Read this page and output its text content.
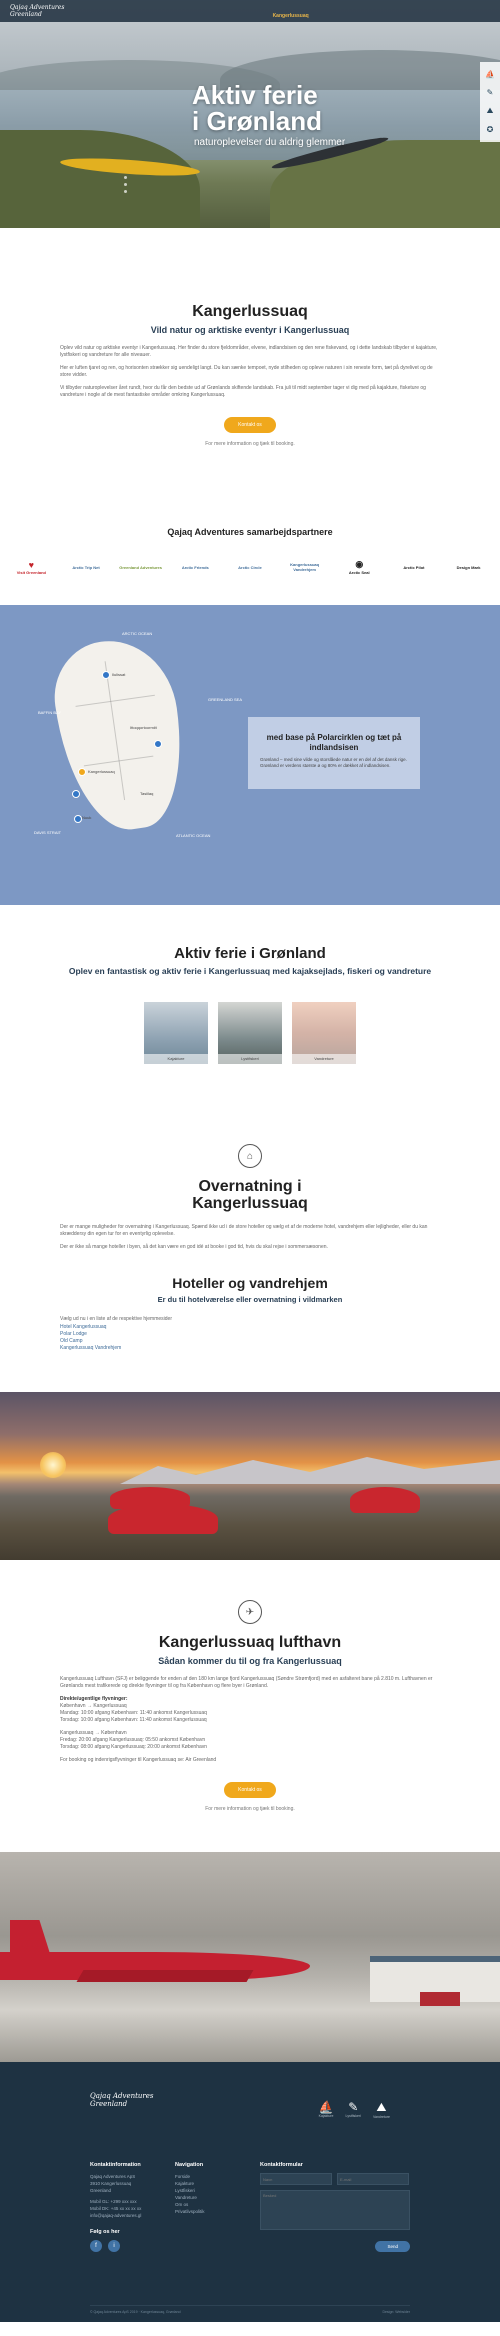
Qajaq Adventures
Greenland	Kangerlussuaq
Aktiv ferie
i Grønland
naturoplevelser du aldrig glemmer
⛵
✎
⛰
✪
Kangerlussuaq
Vild natur og arktiske eventyr i Kangerlussuaq

Oplev vild natur og arktiske eventyr i Kangerlussuaq. Her finder du store fjeldområder, elvene, indlandsisen og den rene fiskevand, og i dette landskab tilbyder vi kajakture, lystfiskeri og vandreture for alle niveauer.

Her er luften tjaret og ren, og horisonten strækker sig uendeligt langt. Du kan sænke tempoet, nyde stilheden og opleve naturen i sin reneste form, tæt på dyrelivet og de store vidder.

Vi tilbyder naturoplevelser året rundt, hvor du får den bedste ud af Grønlands skiftende landskab. Fra juli til midt september tager vi dig med på kajakture, fisketure og vandreture i nogle af de mest fantastiske områder omkring Kangerlussuaq.

Kontakt os
For mere information og tjæk til booking.
Qajaq Adventures samarbejdspartnere
♥
Visit Greenland
Arctic Trip Net	Greenland Adventures	Arctic Friends	Arctic Circle	Kangerlussuaq Vandrehjem
◉
Arctic Seal
Arctic Pilot	Design Mark
ARCTIC OCEAN
BAFFIN BAY
GREENLAND SEA
DAVIS STRAIT
ATLANTIC OCEAN
Kangerlussuaq
Nuuk
Ilulissat
Ittoqqortoormiit
Tasiilaq
med base på Polarcirklen og tæt på indlandsisen
Grønland – med sine vilde og storslåede natur er en del af det dansk rige. Grønland er verdens største ø og 80% er dækket af indlandsisen.
Aktiv ferie i Grønland
Oplev en fantastisk og aktiv ferie i Kangerlussuaq med kajaksejlads, fiskeri og vandreture
Kajakture	Lystfiskeri	Vandreture
⌂
Overnatning i
Kangerlussuaq

Der er mange muligheder for overnatning i Kangerlussuaq. Spænd ikke ud i de store hoteller og vælg et af de moderne hotel, vandrehjem eller lejligheder, eller du kan skræddersy din egen tur for en eventyrlig oplevelse.

Der er ikke så mange hoteller i byen, så det kan være en god idé at booke i god tid, hvis du skal rejse i sommersæsonen.

Hoteller og vandrehjem
Er du til hotelværelse eller overnatning i vildmarken
Vælg ud nu i en liste af de respektive hjemmesider
Hotel Kangerlussuaq
Polar Lodge
Old Camp
Kangerlussuaq Vandrehjem
✈
Kangerlussuaq lufthavn
Sådan kommer du til og fra Kangerlussuaq

Kangerlussuaq Lufthavn (SFJ) er beliggende for enden af den 180 km lange fjord Kangerlussuaq (Søndre Strømfjord) med en asfalteret bane på 2.810 m. Lufthavnen er Grønlands mest trafikerede og direkte flyvninger til og fra København og flere byer i Grønland.

Direkte/ugentlige flyvninger:
København → Kangerlussuaq
Mandag: 10:00 afgang København: 11:40 ankomst Kangerlussuaq
Torsdag: 10:00 afgang København: 11:40 ankomst Kangerlussuaq
Kangerlussuaq → København
Fredag: 20:00 afgang Kangerlussuaq: 05:50 ankomst København
Torsdag: 08:00 afgang Kangerlussuaq: 20:00 ankomst København
For booking og indenrigsflyvninger til Kangerlussuaq se: Air Greenland
Kontakt os
For mere information og tjæk til booking.
Qajaq Adventures
Greenland	⛵
Kajakture
✎
Lystfiskeri
⛰
Vandreture
Kontaktinformation

Qajaq Adventures ApS

3910 Kangerlussuaq

Greenland

Mobil GL: +299 xxx xxx

Mobil DK: +45 xx xx xx xx

info@qajaq-adventures.gl
Følg os her
f	i
Navigation
Forside
Kajakture
Lystfiskeri
Vandreture
Om os
Privatlivspolitik
Kontaktformular
Navn
E-mail
Besked
Send
© Qajaq Adventures ApS 2019 · Kangerlussuaq, Grønland	Design: Websider
